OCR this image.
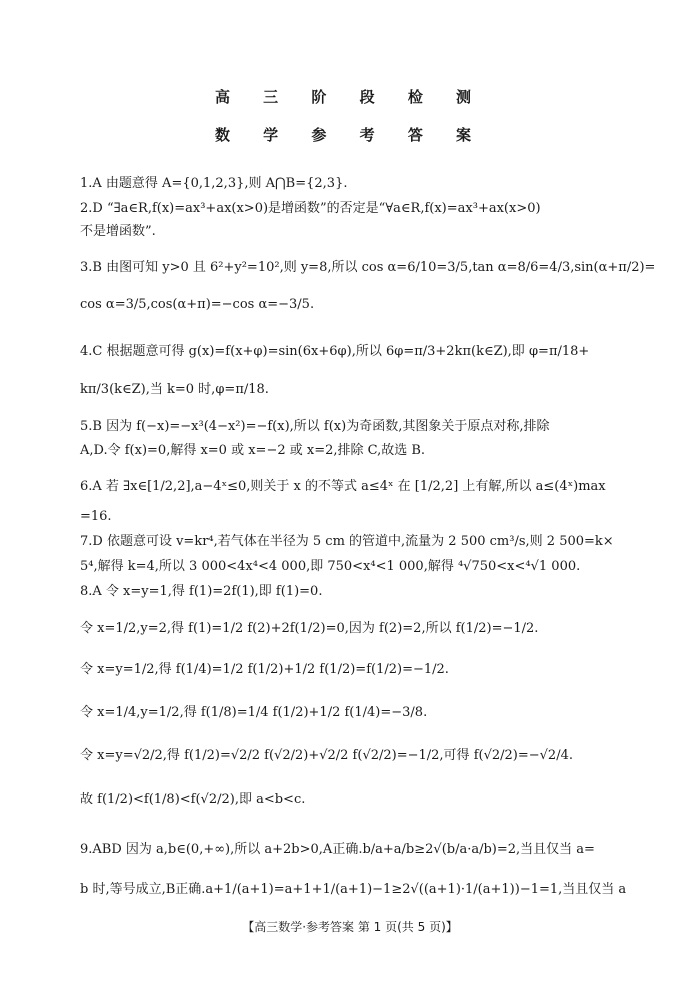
高 三 阶 段 检 测
数 学 参 考 答 案
1.A 由题意得 A={0,1,2,3},则 A⋂B={2,3}.
2.D “∃a∈R,f(x)=ax³+ax(x>0)是增函数”的否定是“∀a∈R,f(x)=ax³+ax(x>0)
不是增函数”.
3.B 由图可知 y>0 且 6²+y²=10²,则 y=8,所以 cos α=6/10=3/5,tan α=8/6=4/3,sin(α+π/2)=
cos α=3/5,cos(α+π)=−cos α=−3/5.
4.C 根据题意可得 g(x)=f(x+φ)=sin(6x+6φ),所以 6φ=π/3+2kπ(k∈Z),即 φ=π/18+
kπ/3(k∈Z),当 k=0 时,φ=π/18.
5.B 因为 f(−x)=−x³(4−x²)=−f(x),所以 f(x)为奇函数,其图象关于原点对称,排除
A,D.令 f(x)=0,解得 x=0 或 x=−2 或 x=2,排除 C,故选 B.
6.A 若 ∃x∈[1/2,2],a−4ˣ≤0,则关于 x 的不等式 a≤4ˣ 在 [1/2,2] 上有解,所以 a≤(4ˣ)max
=16.
7.D 依题意可设 v=kr⁴,若气体在半径为 5 cm 的管道中,流量为 2 500 cm³/s,则 2 500=k×
5⁴,解得 k=4,所以 3 000<4x⁴<4 000,即 750<x⁴<1 000,解得 ⁴√750<x<⁴√1 000.
8.A 令 x=y=1,得 f(1)=2f(1),即 f(1)=0.
令 x=1/2,y=2,得 f(1)=1/2 f(2)+2f(1/2)=0,因为 f(2)=2,所以 f(1/2)=−1/2.
令 x=y=1/2,得 f(1/4)=1/2 f(1/2)+1/2 f(1/2)=f(1/2)=−1/2.
令 x=1/4,y=1/2,得 f(1/8)=1/4 f(1/2)+1/2 f(1/4)=−3/8.
令 x=y=√2/2,得 f(1/2)=√2/2 f(√2/2)+√2/2 f(√2/2)=−1/2,可得 f(√2/2)=−√2/4.
故 f(1/2)<f(1/8)<f(√2/2),即 a<b<c.
9.ABD 因为 a,b∈(0,+∞),所以 a+2b>0,A正确.b/a+a/b≥2√(b/a·a/b)=2,当且仅当 a=
b 时,等号成立,B正确.a+1/(a+1)=a+1+1/(a+1)−1≥2√((a+1)·1/(a+1))−1=1,当且仅当 a
【高三数学·参考答案 第 1 页(共 5 页)】
